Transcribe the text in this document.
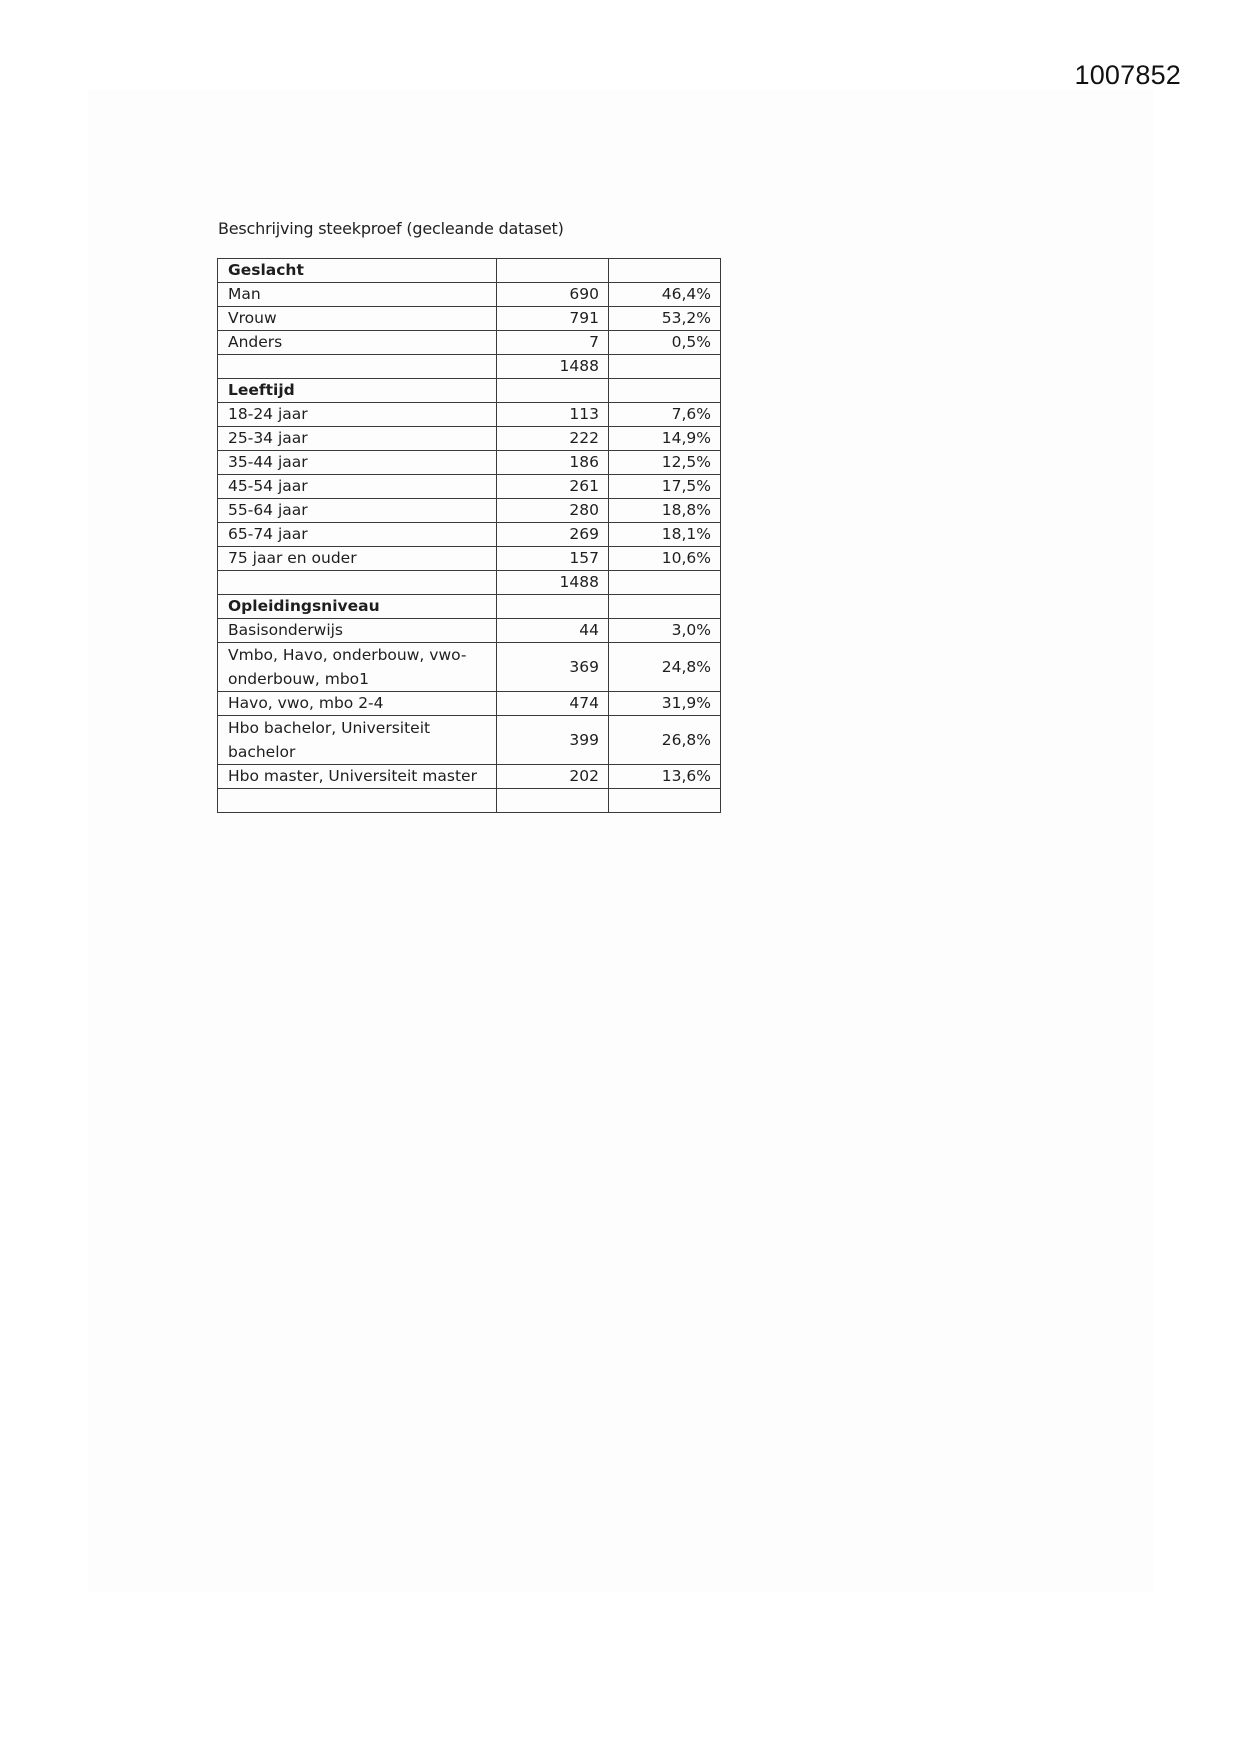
1007852
Beschrijving steekproef (gecleande dataset)
Geslacht		
Man	690	46,4%
Vrouw	791	53,2%
Anders	7	0,5%
	1488	
Leeftijd		
18-24 jaar	113	7,6%
25-34 jaar	222	14,9%
35-44 jaar	186	12,5%
45-54 jaar	261	17,5%
55-64 jaar	280	18,8%
65-74 jaar	269	18,1%
75 jaar en ouder	157	10,6%
	1488	
Opleidingsniveau		
Basisonderwijs	44	3,0%
Vmbo, Havo, onderbouw, vwo-onderbouw, mbo1	369	24,8%
Havo, vwo, mbo 2-4	474	31,9%
Hbo bachelor, Universiteit bachelor	399	26,8%
Hbo master, Universiteit master	202	13,6%
